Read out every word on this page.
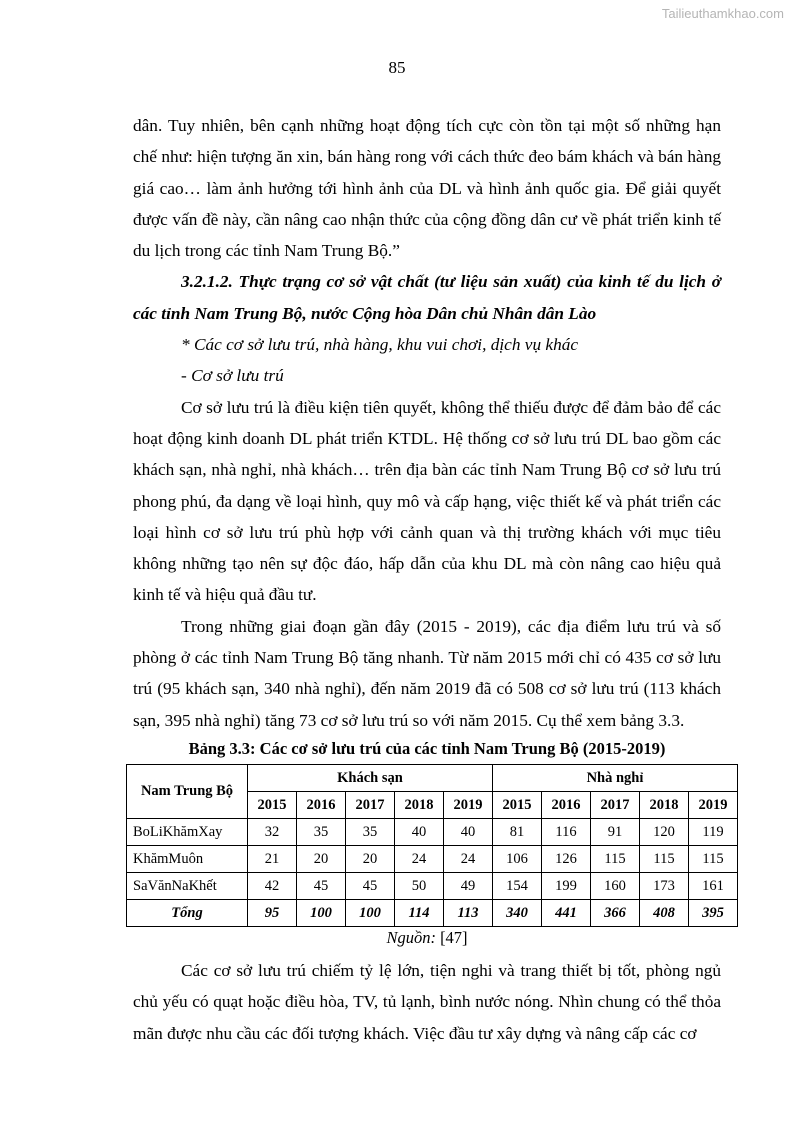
Tailieuthamkhao.com
85

dân. Tuy nhiên, bên cạnh những hoạt động tích cực còn tồn tại một số những hạn chế như: hiện tượng ăn xin, bán hàng rong với cách thức đeo bám khách và bán hàng giá cao… làm ảnh hưởng tới hình ảnh của DL và hình ảnh quốc gia. Để giải quyết được vấn đề này, cần nâng cao nhận thức của cộng đồng dân cư về phát triển kinh tế du lịch trong các tỉnh Nam Trung Bộ.”

3.2.1.2. Thực trạng cơ sở vật chất (tư liệu sản xuất) của kinh tế du lịch ở các tỉnh Nam Trung Bộ, nước Cộng hòa Dân chủ Nhân dân Lào

* Các cơ sở lưu trú, nhà hàng, khu vui chơi, dịch vụ khác

- Cơ sở lưu trú

Cơ sở lưu trú là điều kiện tiên quyết, không thể thiếu được để đảm bảo để các hoạt động kinh doanh DL phát triển KTDL. Hệ thống cơ sở lưu trú DL bao gồm các khách sạn, nhà nghỉ, nhà khách… trên địa bàn các tỉnh Nam Trung Bộ cơ sở lưu trú phong phú, đa dạng về loại hình, quy mô và cấp hạng, việc thiết kế và phát triển các loại hình cơ sở lưu trú phù hợp với cảnh quan và thị trường khách với mục tiêu không những tạo nên sự độc đáo, hấp dẫn của khu DL mà còn nâng cao hiệu quả kinh tế và hiệu quả đầu tư.

Trong những giai đoạn gần đây (2015 - 2019), các địa điểm lưu trú và số phòng ở các tỉnh Nam Trung Bộ tăng nhanh. Từ năm 2015 mới chỉ có 435 cơ sở lưu trú (95 khách sạn, 340 nhà nghỉ), đến năm 2019 đã có 508 cơ sở lưu trú (113 khách sạn, 395 nhà nghỉ) tăng 73 cơ sở lưu trú so với năm 2015. Cụ thể xem bảng 3.3.

Bảng 3.3: Các cơ sở lưu trú của các tỉnh Nam Trung Bộ (2015-2019)
Nam Trung Bộ	Khách sạn					Nhà nghỉ				
	2015	2016	2017	2018	2019	2015	2016	2017	2018	2019
BoLiKhămXay	32	35	35	40	40	81	116	91	120	119
KhămMuôn	21	20	20	24	24	106	126	115	115	115
SaVănNaKhết	42	45	45	50	49	154	199	160	173	161
Tổng	95	100	100	114	113	340	441	366	408	395
Nguồn: [47]

Các cơ sở lưu trú chiếm tỷ lệ lớn, tiện nghi và trang thiết bị tốt, phòng ngủ chủ yếu có quạt hoặc điều hòa, TV, tủ lạnh, bình nước nóng. Nhìn chung có thể thỏa mãn được nhu cầu các đối tượng khách. Việc đầu tư xây dựng và nâng cấp các cơ
